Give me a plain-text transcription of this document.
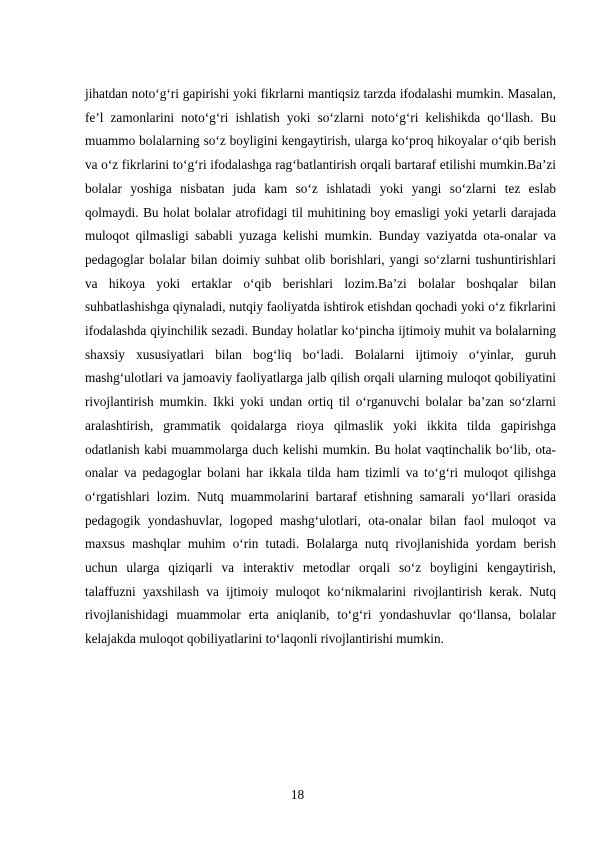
jihatdan noto‘g‘ri gapirishi yoki fikrlarni mantiqsiz tarzda ifodalashi mumkin. Masalan, fe’l zamonlarini noto‘g‘ri ishlatish yoki so‘zlarni noto‘g‘ri kelishikda qo‘llash. Bu muammo bolalarning so‘z boyligini kengaytirish, ularga ko‘proq hikoyalar o‘qib berish va o‘z fikrlarini to‘g‘ri ifodalashga rag‘batlantirish orqali bartaraf etilishi mumkin.Ba’zi bolalar yoshiga nisbatan juda kam so‘z ishlatadi yoki yangi so‘zlarni tez eslab qolmaydi. Bu holat bolalar atrofidagi til muhitining boy emasligi yoki yetarli darajada muloqot qilmasligi sababli yuzaga kelishi mumkin. Bunday vaziyatda ota-onalar va pedagoglar bolalar bilan doimiy suhbat olib borishlari, yangi so‘zlarni tushuntirishlari va hikoya yoki ertaklar o‘qib berishlari lozim.Ba’zi bolalar boshqalar bilan suhbatlashishga qiynaladi, nutqiy faoliyatda ishtirok etishdan qochadi yoki o‘z fikrlarini ifodalashda qiyinchilik sezadi. Bunday holatlar ko‘pincha ijtimoiy muhit va bolalarning shaxsiy xususiyatlari bilan bog‘liq bo‘ladi. Bolalarni ijtimoiy o‘yinlar, guruh mashg‘ulotlari va jamoaviy faoliyatlarga jalb qilish orqali ularning muloqot qobiliyatini rivojlantirish mumkin. Ikki yoki undan ortiq til o‘rganuvchi bolalar ba’zan so‘zlarni aralashtirish, grammatik qoidalarga rioya qilmaslik yoki ikkita tilda gapirishga odatlanish kabi muammolarga duch kelishi mumkin. Bu holat vaqtinchalik bo‘lib, ota-onalar va pedagoglar bolani har ikkala tilda ham tizimli va to‘g‘ri muloqot qilishga o‘rgatishlari lozim. Nutq muammolarini bartaraf etishning samarali yo‘llari orasida pedagogik yondashuvlar, logoped mashg‘ulotlari, ota-onalar bilan faol muloqot va maxsus mashqlar muhim o‘rin tutadi. Bolalarga nutq rivojlanishida yordam berish uchun ularga qiziqarli va interaktiv metodlar orqali so‘z boyligini kengaytirish, talaffuzni yaxshilash va ijtimoiy muloqot ko‘nikmalarini rivojlantirish kerak. Nutq rivojlanishidagi muammolar erta aniqlanib, to‘g‘ri yondashuvlar qo‘llansa, bolalar kelajakda muloqot qobiliyatlarini to‘laqonli rivojlantirishi mumkin.

18
